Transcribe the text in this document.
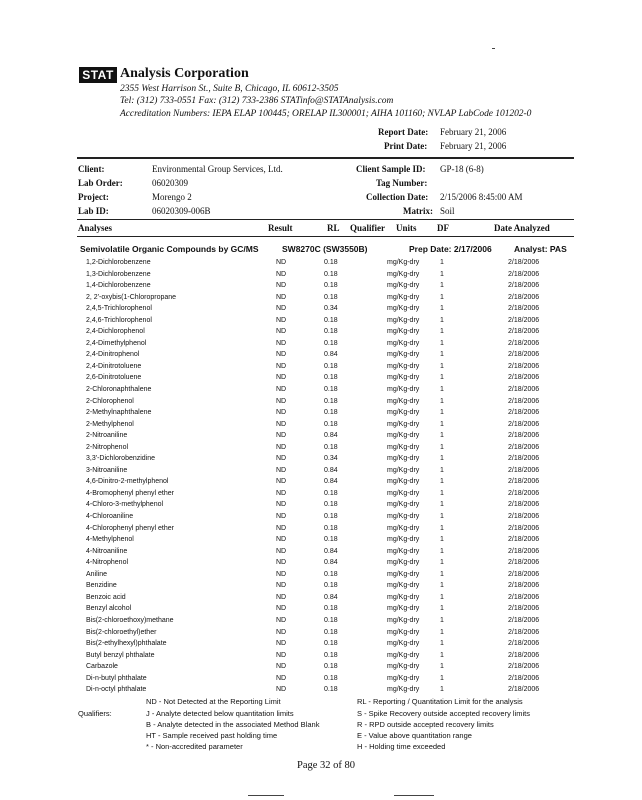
STAT Analysis Corporation
2355 West Harrison St., Suite B, Chicago, IL 60612-3505
Tel: (312) 733-0551 Fax: (312) 733-2386 STATinfo@STATAnalysis.com
Accreditation Numbers: IEPA ELAP 100445; ORELAP IL300001; AIHA 101160; NVLAP LabCode 101202-0
Report Date: February 21, 2006
Print Date: February 21, 2006
Client:	Environmental Group Services, Ltd.	Client Sample ID: GP-18 (6-8)
Lab Order:	06020309	Tag Number:
Project:	Morengo 2	Collection Date: 2/15/2006 8:45:00 AM
Lab ID:	06020309-006B	Matrix: Soil
Analyses	Result	RL Qualifier Units DF	Date Analyzed
Semivolatile Organic Compounds by GC/MS	SW8270C (SW3550B)	Prep Date: 2/17/2006	Analyst: PAS
1,2-Dichlorobenzene	ND	0.18	mg/Kg-dry	1	2/18/2006
1,3-Dichlorobenzene	ND	0.18	mg/Kg-dry	1	2/18/2006
1,4-Dichlorobenzene	ND	0.18	mg/Kg-dry	1	2/18/2006
2, 2'-oxybis(1-Chloropropane	ND	0.18	mg/Kg-dry	1	2/18/2006
2,4,5-Trichlorophenol	ND	0.34	mg/Kg-dry	1	2/18/2006
2,4,6-Trichlorophenol	ND	0.18	mg/Kg-dry	1	2/18/2006
2,4-Dichlorophenol	ND	0.18	mg/Kg-dry	1	2/18/2006
2,4-Dimethylphenol	ND	0.18	mg/Kg-dry	1	2/18/2006
2,4-Dinitrophenol	ND	0.84	mg/Kg-dry	1	2/18/2006
2,4-Dinitrotoluene	ND	0.18	mg/Kg-dry	1	2/18/2006
2,6-Dinitrotoluene	ND	0.18	mg/Kg-dry	1	2/18/2006
2-Chloronaphthalene	ND	0.18	mg/Kg-dry	1	2/18/2006
2-Chlorophenol	ND	0.18	mg/Kg-dry	1	2/18/2006
2-Methylnaphthalene	ND	0.18	mg/Kg-dry	1	2/18/2006
2-Methylphenol	ND	0.18	mg/Kg-dry	1	2/18/2006
2-Nitroaniline	ND	0.84	mg/Kg-dry	1	2/18/2006
2-Nitrophenol	ND	0.18	mg/Kg-dry	1	2/18/2006
3,3'-Dichlorobenzidine	ND	0.34	mg/Kg-dry	1	2/18/2006
3-Nitroaniline	ND	0.84	mg/Kg-dry	1	2/18/2006
4,6-Dinitro-2-methylphenol	ND	0.84	mg/Kg-dry	1	2/18/2006
4-Bromophenyl phenyl ether	ND	0.18	mg/Kg-dry	1	2/18/2006
4-Chloro-3-methylphenol	ND	0.18	mg/Kg-dry	1	2/18/2006
4-Chloroaniline	ND	0.18	mg/Kg-dry	1	2/18/2006
4-Chlorophenyl phenyl ether	ND	0.18	mg/Kg-dry	1	2/18/2006
4-Methylphenol	ND	0.18	mg/Kg-dry	1	2/18/2006
4-Nitroaniline	ND	0.84	mg/Kg-dry	1	2/18/2006
4-Nitrophenol	ND	0.84	mg/Kg-dry	1	2/18/2006
Aniline	ND	0.18	mg/Kg-dry	1	2/18/2006
Benzidine	ND	0.18	mg/Kg-dry	1	2/18/2006
Benzoic acid	ND	0.84	mg/Kg-dry	1	2/18/2006
Benzyl alcohol	ND	0.18	mg/Kg-dry	1	2/18/2006
Bis(2-chloroethoxy)methane	ND	0.18	mg/Kg-dry	1	2/18/2006
Bis(2-chloroethyl)ether	ND	0.18	mg/Kg-dry	1	2/18/2006
Bis(2-ethylhexyl)phthalate	ND	0.18	mg/Kg-dry	1	2/18/2006
Butyl benzyl phthalate	ND	0.18	mg/Kg-dry	1	2/18/2006
Carbazole	ND	0.18	mg/Kg-dry	1	2/18/2006
Di-n-butyl phthalate	ND	0.18	mg/Kg-dry	1	2/18/2006
Di-n-octyl phthalate	ND	0.18	mg/Kg-dry	1	2/18/2006
Qualifiers:
ND - Not Detected at the Reporting Limit
J - Analyte detected below quantitation limits
B - Analyte detected in the associated Method Blank
HT - Sample received past holding time
* - Non-accredited parameter
RL - Reporting / Quantitation Limit for the analysis
S - Spike Recovery outside accepted recovery limits
R - RPD outside accepted recovery limits
E - Value above quantitation range
H - Holding time exceeded
Page 32 of 80
